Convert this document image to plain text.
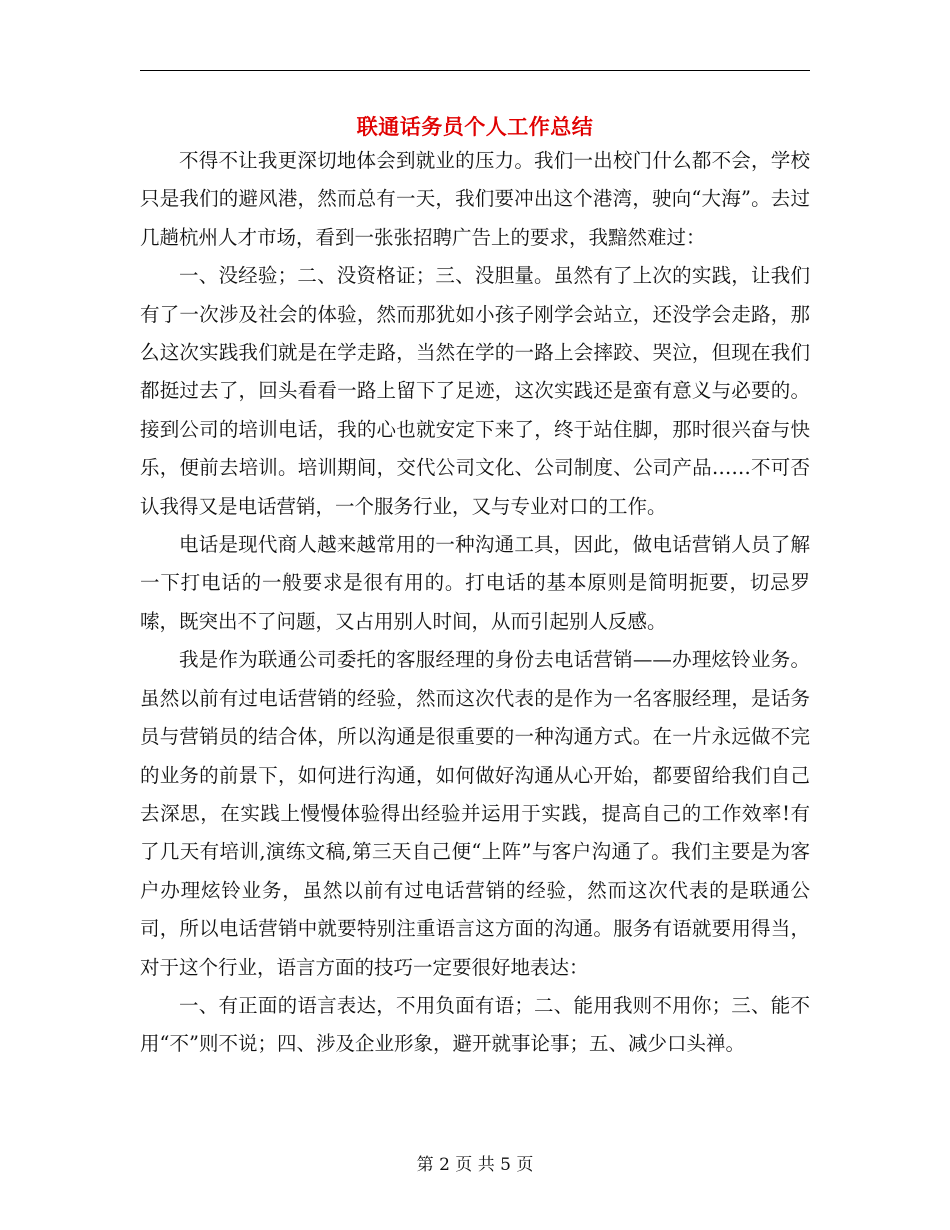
联通话务员个人工作总结

不得不让我更深切地体会到就业的压力。我们一出校门什么都不会，学校只是我们的避风港，然而总有一天，我们要冲出这个港湾，驶向“大海”。去过几趟杭州人才市场，看到一张张招聘广告上的要求，我黯然难过：

一、没经验；二、没资格证；三、没胆量。虽然有了上次的实践，让我们有了一次涉及社会的体验，然而那犹如小孩子刚学会站立，还没学会走路，那么这次实践我们就是在学走路，当然在学的一路上会摔跤、哭泣，但现在我们都挺过去了，回头看看一路上留下了足迹，这次实践还是蛮有意义与必要的。接到公司的培训电话，我的心也就安定下来了，终于站住脚，那时很兴奋与快乐，便前去培训。培训期间，交代公司文化、公司制度、公司产品……不可否认我得又是电话营销，一个服务行业，又与专业对口的工作。

电话是现代商人越来越常用的一种沟通工具，因此，做电话营销人员了解一下打电话的一般要求是很有用的。打电话的基本原则是简明扼要，切忌罗嗦，既突出不了问题，又占用别人时间，从而引起别人反感。

我是作为联通公司委托的客服经理的身份去电话营销——办理炫铃业务。虽然以前有过电话营销的经验，然而这次代表的是作为一名客服经理，是话务员与营销员的结合体，所以沟通是很重要的一种沟通方式。在一片永远做不完的业务的前景下，如何进行沟通，如何做好沟通从心开始，都要留给我们自己去深思，在实践上慢慢体验得出经验并运用于实践，提高自己的工作效率!有了几天有培训,演练文稿,第三天自己便“上阵”与客户沟通了。我们主要是为客户办理炫铃业务，虽然以前有过电话营销的经验，然而这次代表的是联通公司，所以电话营销中就要特别注重语言这方面的沟通。服务有语就要用得当，对于这个行业，语言方面的技巧一定要很好地表达：

一、有正面的语言表达，不用负面有语；二、能用我则不用你；三、能不用“不”则不说；四、涉及企业形象，避开就事论事；五、减少口头禅。

第 2 页 共 5 页
